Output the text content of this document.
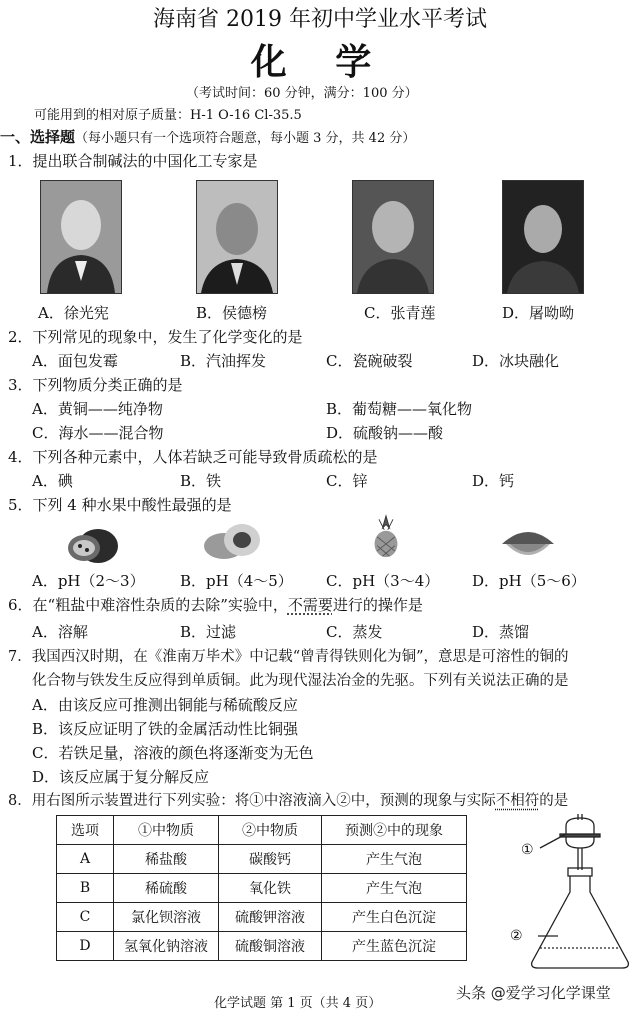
海南省 2019 年初中学业水平考试
化 学
（考试时间：60 分钟，满分：100 分）
可能用到的相对原子质量：H-1 O-16 Cl-35.5
一、选择题（每小题只有一个选项符合题意，每小题 3 分，共 42 分）
1．提出联合制碱法的中国化工专家是
A．徐光宪	B．侯德榜	C．张青莲	D．屠呦呦
2．下列常见的现象中，发生了化学变化的是
A．面包发霉	B．汽油挥发	C．瓷碗破裂	D．冰块融化
3．下列物质分类正确的是
A．黄铜——纯净物	B．葡萄糖——氧化物
C．海水——混合物	D．硫酸钠——酸
4．下列各种元素中，人体若缺乏可能导致骨质疏松的是
A．碘	B．铁	C．锌	D．钙
5．下列 4 种水果中酸性最强的是
A．pH（2～3） B．pH（4～5） C．pH（3～4） D．pH（5～6）
6．在“粗盐中难溶性杂质的去除”实验中，不需要进行的操作是
A．溶解	B．过滤	C．蒸发	D．蒸馏
7．我国西汉时期，在《淮南万毕术》中记载“曾青得铁则化为铜”，意思是可溶性的铜的
化合物与铁发生反应得到单质铜。此为现代湿法冶金的先驱。下列有关说法正确的是
A．由该反应可推测出铜能与稀硫酸反应
B．该反应证明了铁的金属活动性比铜强
C．若铁足量，溶液的颜色将逐渐变为无色
D．该反应属于复分解反应
8．用右图所示装置进行下列实验：将①中溶液滴入②中，预测的现象与实际不相符的是
选项	①中物质	②中物质	预测②中的现象
A	稀盐酸	碳酸钙	产生气泡
B	稀硫酸	氧化铁	产生气泡
C	氯化钡溶液	硫酸钾溶液	产生白色沉淀
D	氢氧化钠溶液	硫酸铜溶液	产生蓝色沉淀
①
②
化学试题 第 1 页（共 4 页）
头条 @爱学习化学课堂
